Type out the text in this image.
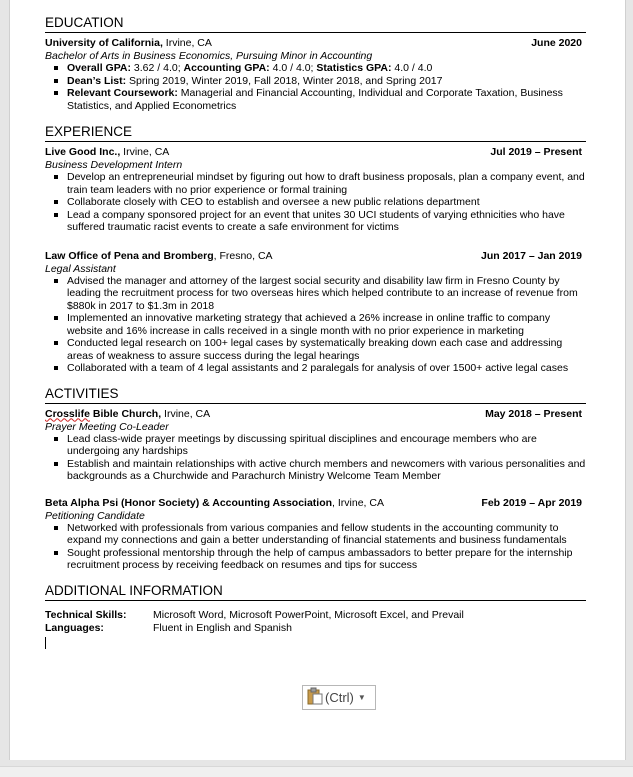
EDUCATION
University of California, Irvine, CA	June 2020
Bachelor of Arts in Business Economics, Pursuing Minor in Accounting
Overall GPA: 3.62 / 4.0; Accounting GPA: 4.0 / 4.0; Statistics GPA: 4.0 / 4.0
Dean’s List: Spring 2019, Winter 2019, Fall 2018, Winter 2018, and Spring 2017
Relevant Coursework: Managerial and Financial Accounting, Individual and Corporate Taxation, Business Statistics, and Applied Econometrics
EXPERIENCE
Live Good Inc., Irvine, CA	Jul 2019 – Present
Business Development Intern
Develop an entrepreneurial mindset by figuring out how to draft business proposals, plan a company event, and train team leaders with no prior experience or formal training
Collaborate closely with CEO to establish and oversee a new public relations department
Lead a company sponsored project for an event that unites 30 UCI students of varying ethnicities who have suffered traumatic racist events to create a safe environment for victims
Law Office of Pena and Bromberg, Fresno, CA	Jun 2017 – Jan 2019
Legal Assistant
Advised the manager and attorney of the largest social security and disability law firm in Fresno County by leading the recruitment process for two overseas hires which helped contribute to an increase of revenue from $880k in 2017 to $1.3m in 2018
Implemented an innovative marketing strategy that achieved a 26% increase in online traffic to company website and 16% increase in calls received in a single month with no prior experience in marketing
Conducted legal research on 100+ legal cases by systematically breaking down each case and addressing areas of weakness to assure success during the legal hearings
Collaborated with a team of 4 legal assistants and 2 paralegals for analysis of over 1500+ active legal cases
ACTIVITIES
Crosslife Bible Church, Irvine, CA	May 2018 – Present
Prayer Meeting Co-Leader
Lead class-wide prayer meetings by discussing spiritual disciplines and encourage members who are undergoing any hardships
Establish and maintain relationships with active church members and newcomers with various personalities and backgrounds as a Churchwide and Parachurch Ministry Welcome Team Member
Beta Alpha Psi (Honor Society) & Accounting Association, Irvine, CA	Feb 2019 – Apr 2019
Petitioning Candidate
Networked with professionals from various companies and fellow students in the accounting community to expand my connections and gain a better understanding of financial statements and business fundamentals
Sought professional mentorship through the help of campus ambassadors to better prepare for the internship recruitment process by receiving feedback on resumes and tips for success
ADDITIONAL INFORMATION
Technical Skills:	Microsoft Word, Microsoft PowerPoint, Microsoft Excel, and Prevail
Languages:	Fluent in English and Spanish
(Ctrl) ▼
